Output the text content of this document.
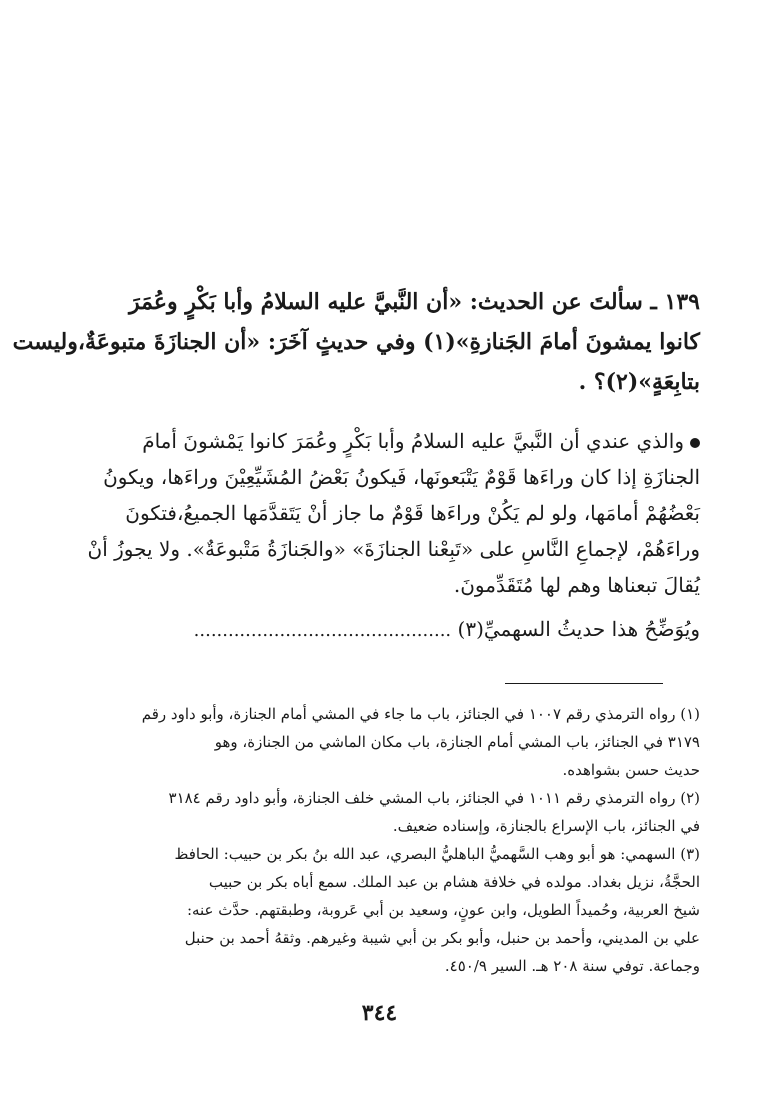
١٣٩ ـ سألتَ عن الحديث: «أن النَّبيَّ عليه السلامُ وأبا بَكْرٍ وعُمَرَ
كانوا يمشونَ أمامَ الجَنازةِ»(١) وفي حديثٍ آخَرَ: «أن الجنازَةَ متبوعَةٌ،وليست
بتابِعَةٍ»(٢)؟ .
والذي عندي أن النَّبيَّ عليه السلامُ وأبا بَكْرٍ وعُمَرَ كانوا يَمْشونَ أمامَ
الجنازَةِ إذا كان وراءَها قَوْمٌ يَتْبَعونَها، فَيكونُ بَعْضُ المُشَيِّعِيْنَ وراءَها، ويكونُ
بَعْضُهُمْ أمامَها، ولو لم يَكُنْ وراءَها قَوْمٌ ما جاز أنْ يَتَقدَّمَها الجميعُ،فتكونَ
وراءَهُمْ، لإجماعِ النَّاسِ على «تَبِعْنا الجنازَةَ» «والجَنازَةُ مَتْبوعَةٌ». ولا يجوزُ أنْ
يُقالَ تبعناها وهم لها مُتَقَدِّمونَ.
ويُوَضِّحُ هذا حديثُ السهميِّ(٣) .............................................
(١) رواه الترمذي رقم ١٠٠٧ في الجنائز، باب ما جاء في المشي أمام الجنازة، وأبو داود رقم
٣١٧٩ في الجنائز، باب المشي أمام الجنازة، باب مكان الماشي من الجنازة، وهو
حديث حسن بشواهده.
(٢) رواه الترمذي رقم ١٠١١ في الجنائز، باب المشي خلف الجنازة، وأبو داود رقم ٣١٨٤
في الجنائز، باب الإسراع بالجنازة، وإسناده ضعيف.
(٣) السهمي: هو أبو وهب السَّهميُّ الباهليُّ البصري، عبد الله بنُ بكر بن حبيب: الحافظ
الحجَّةُ، نزيل بغداد. مولده في خلافة هشام بن عبد الملك. سمع أباه بكر بن حبيب
شيخ العربية، وحُميداً الطويل، وابن عونٍ، وسعيد بن أبي عَروبة، وطبقتهم. حدَّث عنه:
علي بن المديني، وأحمد بن حنبل، وأبو بكر بن أبي شيبة وغيرهم. وثقهُ أحمد بن حنبل
وجماعة. توفي سنة ٢٠٨ هـ. السير ٤٥٠/٩.
٣٤٤
